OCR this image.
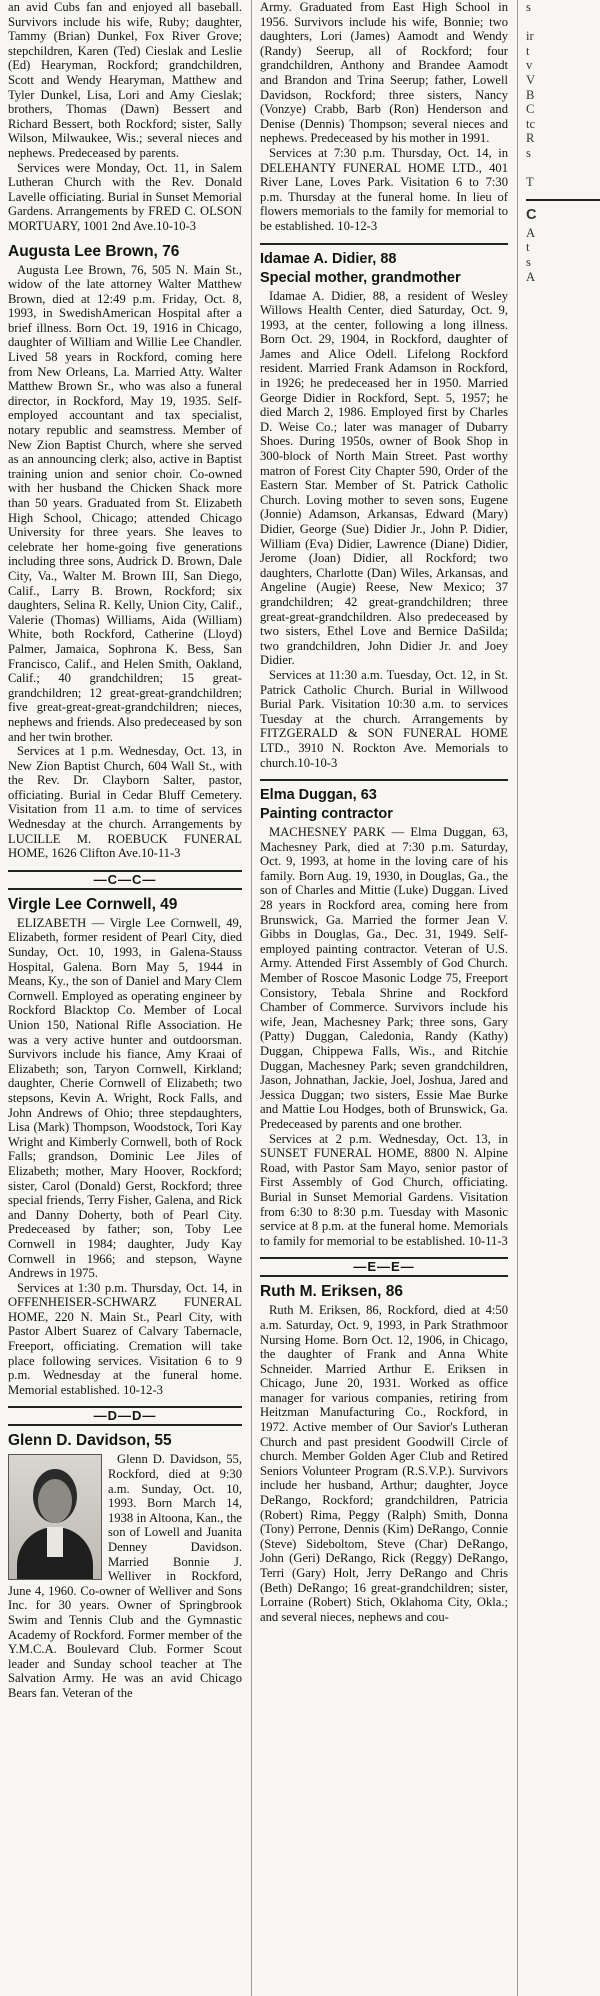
an avid Cubs fan and enjoyed all baseball. Survivors include his wife, Ruby; daughter, Tammy (Brian) Dunkel, Fox River Grove; stepchildren, Karen (Ted) Cieslak and Leslie (Ed) Hearyman, Rockford; grandchildren, Scott and Wendy Hearyman, Matthew and Tyler Dunkel, Lisa, Lori and Amy Cieslak; brothers, Thomas (Dawn) Bessert and Richard Bessert, both Rockford; sister, Sally Wilson, Milwaukee, Wis.; several nieces and nephews. Predeceased by parents.

Services were Monday, Oct. 11, in Salem Lutheran Church with the Rev. Donald Lavelle officiating. Burial in Sunset Memorial Gardens. Arrangements by FRED C. OLSON MORTUARY, 1001 2nd Ave.10-10-3

Augusta Lee Brown, 76

Augusta Lee Brown, 76, 505 N. Main St., widow of the late attorney Walter Matthew Brown, died at 12:49 p.m. Friday, Oct. 8, 1993, in SwedishAmerican Hospital after a brief illness. Born Oct. 19, 1916 in Chicago, daughter of William and Willie Lee Chandler. Lived 58 years in Rockford, coming here from New Orleans, La. Married Atty. Walter Matthew Brown Sr., who was also a funeral director, in Rockford, May 19, 1935. Self-employed accountant and tax specialist, notary republic and seamstress. Member of New Zion Baptist Church, where she served as an announcing clerk; also, active in Baptist training union and senior choir. Co-owned with her husband the Chicken Shack more than 50 years. Graduated from St. Elizabeth High School, Chicago; attended Chicago University for three years. She leaves to celebrate her home-going five generations including three sons, Audrick D. Brown, Dale City, Va., Walter M. Brown III, San Diego, Calif., Larry B. Brown, Rockford; six daughters, Selina R. Kelly, Union City, Calif., Valerie (Thomas) Williams, Aida (William) White, both Rockford, Catherine (Lloyd) Palmer, Jamaica, Sophrona K. Bess, San Francisco, Calif., and Helen Smith, Oakland, Calif.; 40 grandchildren; 15 great-grandchildren; 12 great-great-grandchildren; five great-great-great-grandchildren; nieces, nephews and friends. Also predeceased by son and her twin brother.

Services at 1 p.m. Wednesday, Oct. 13, in New Zion Baptist Church, 604 Wall St., with the Rev. Dr. Clayborn Salter, pastor, officiating. Burial in Cedar Bluff Cemetery. Visitation from 11 a.m. to time of services Wednesday at the church. Arrangements by LUCILLE M. ROEBUCK FUNERAL HOME, 1626 Clifton Ave.10-11-3

—C—C—
Virgle Lee Cornwell, 49

ELIZABETH — Virgle Lee Cornwell, 49, Elizabeth, former resident of Pearl City, died Sunday, Oct. 10, 1993, in Galena-Stauss Hospital, Galena. Born May 5, 1944 in Means, Ky., the son of Daniel and Mary Clem Cornwell. Employed as operating engineer by Rockford Blacktop Co. Member of Local Union 150, National Rifle Association. He was a very active hunter and outdoorsman. Survivors include his fiance, Amy Kraai of Elizabeth; son, Taryon Cornwell, Kirkland; daughter, Cherie Cornwell of Elizabeth; two stepsons, Kevin A. Wright, Rock Falls, and John Andrews of Ohio; three stepdaughters, Lisa (Mark) Thompson, Woodstock, Tori Kay Wright and Kimberly Cornwell, both of Rock Falls; grandson, Dominic Lee Jiles of Elizabeth; mother, Mary Hoover, Rockford; sister, Carol (Donald) Gerst, Rockford; three special friends, Terry Fisher, Galena, and Rick and Danny Doherty, both of Pearl City. Predeceased by father; son, Toby Lee Cornwell in 1984; daughter, Judy Kay Cornwell in 1966; and stepson, Wayne Andrews in 1975.

Services at 1:30 p.m. Thursday, Oct. 14, in OFFENHEISER-SCHWARZ FUNERAL HOME, 220 N. Main St., Pearl City, with Pastor Albert Suarez of Calvary Tabernacle, Freeport, officiating. Cremation will take place following services. Visitation 6 to 9 p.m. Wednesday at the funeral home. Memorial established. 10-12-3

—D—D—
Glenn D. Davidson, 55

Glenn D. Davidson, 55, Rockford, died at 9:30 a.m. Sunday, Oct. 10, 1993. Born March 14, 1938 in Altoona, Kan., the son of Lowell and Juanita Denney Davidson. Married Bonnie J. Welliver in Rockford, June 4, 1960. Co-owner of Welliver and Sons Inc. for 30 years. Owner of Springbrook Swim and Tennis Club and the Gymnastic Academy of Rockford. Former member of the Y.M.C.A. Boulevard Club. Former Scout leader and Sunday school teacher at The Salvation Army. He was an avid Chicago Bears fan. Veteran of the

Army. Graduated from East High School in 1956. Survivors include his wife, Bonnie; two daughters, Lori (James) Aamodt and Wendy (Randy) Seerup, all of Rockford; four grandchildren, Anthony and Brandee Aamodt and Brandon and Trina Seerup; father, Lowell Davidson, Rockford; three sisters, Nancy (Vonzye) Crabb, Barb (Ron) Henderson and Denise (Dennis) Thompson; several nieces and nephews. Predeceased by his mother in 1991.

Services at 7:30 p.m. Thursday, Oct. 14, in DELEHANTY FUNERAL HOME LTD., 401 River Lane, Loves Park. Visitation 6 to 7:30 p.m. Thursday at the funeral home. In lieu of flowers memorials to the family for memorial to be established. 10-12-3

Idamae A. Didier, 88
Special mother, grandmother

Idamae A. Didier, 88, a resident of Wesley Willows Health Center, died Saturday, Oct. 9, 1993, at the center, following a long illness. Born Oct. 29, 1904, in Rockford, daughter of James and Alice Odell. Lifelong Rockford resident. Married Frank Adamson in Rockford, in 1926; he predeceased her in 1950. Married George Didier in Rockford, Sept. 5, 1957; he died March 2, 1986. Employed first by Charles D. Weise Co.; later was manager of Dubarry Shoes. During 1950s, owner of Book Shop in 300-block of North Main Street. Past worthy matron of Forest City Chapter 590, Order of the Eastern Star. Member of St. Patrick Catholic Church. Loving mother to seven sons, Eugene (Jonnie) Adamson, Arkansas, Edward (Mary) Didier, George (Sue) Didier Jr., John P. Didier, William (Eva) Didier, Lawrence (Diane) Didier, Jerome (Joan) Didier, all Rockford; two daughters, Charlotte (Dan) Wiles, Arkansas, and Angeline (Augie) Reese, New Mexico; 37 grandchildren; 42 great-grandchildren; three great-great-grandchildren. Also predeceased by two sisters, Ethel Love and Bernice DaSilda; two grandchildren, John Didier Jr. and Joey Didier.

Services at 11:30 a.m. Tuesday, Oct. 12, in St. Patrick Catholic Church. Burial in Willwood Burial Park. Visitation 10:30 a.m. to services Tuesday at the church. Arrangements by FITZGERALD & SON FUNERAL HOME LTD., 3910 N. Rockton Ave. Memorials to church.10-10-3

Elma Duggan, 63
Painting contractor

MACHESNEY PARK — Elma Duggan, 63, Machesney Park, died at 7:30 p.m. Saturday, Oct. 9, 1993, at home in the loving care of his family. Born Aug. 19, 1930, in Douglas, Ga., the son of Charles and Mittie (Luke) Duggan. Lived 28 years in Rockford area, coming here from Brunswick, Ga. Married the former Jean V. Gibbs in Douglas, Ga., Dec. 31, 1949. Self-employed painting contractor. Veteran of U.S. Army. Attended First Assembly of God Church. Member of Roscoe Masonic Lodge 75, Freeport Consistory, Tebala Shrine and Rockford Chamber of Commerce. Survivors include his wife, Jean, Machesney Park; three sons, Gary (Patty) Duggan, Caledonia, Randy (Kathy) Duggan, Chippewa Falls, Wis., and Ritchie Duggan, Machesney Park; seven grandchildren, Jason, Johnathan, Jackie, Joel, Joshua, Jared and Jessica Duggan; two sisters, Essie Mae Burke and Mattie Lou Hodges, both of Brunswick, Ga. Predeceased by parents and one brother.

Services at 2 p.m. Wednesday, Oct. 13, in SUNSET FUNERAL HOME, 8800 N. Alpine Road, with Pastor Sam Mayo, senior pastor of First Assembly of God Church, officiating. Burial in Sunset Memorial Gardens. Visitation from 6:30 to 8:30 p.m. Tuesday with Masonic service at 8 p.m. at the funeral home. Memorials to family for memorial to be established. 10-11-3

—E—E—
Ruth M. Eriksen, 86

Ruth M. Eriksen, 86, Rockford, died at 4:50 a.m. Saturday, Oct. 9, 1993, in Park Strathmoor Nursing Home. Born Oct. 12, 1906, in Chicago, the daughter of Frank and Anna White Schneider. Married Arthur E. Eriksen in Chicago, June 20, 1931. Worked as office manager for various companies, retiring from Heitzman Manufacturing Co., Rockford, in 1972. Active member of Our Savior's Lutheran Church and past president Goodwill Circle of church. Member Golden Ager Club and Retired Seniors Volunteer Program (R.S.V.P.). Survivors include her husband, Arthur; daughter, Joyce DeRango, Rockford; grandchildren, Patricia (Robert) Rima, Peggy (Ralph) Smith, Donna (Tony) Perrone, Dennis (Kim) DeRango, Connie (Steve) Sideboltom, Steve (Char) DeRango, John (Geri) DeRango, Rick (Reggy) DeRango, Terri (Gary) Holt, Jerry DeRango and Chris (Beth) DeRango; 16 great-grandchildren; sister, Lorraine (Robert) Stich, Oklahoma City, Okla.; and several nieces, nephews and cou-

s

ir

t

v

V

B

C

tc

R

s

T

C

A

t

s

A
